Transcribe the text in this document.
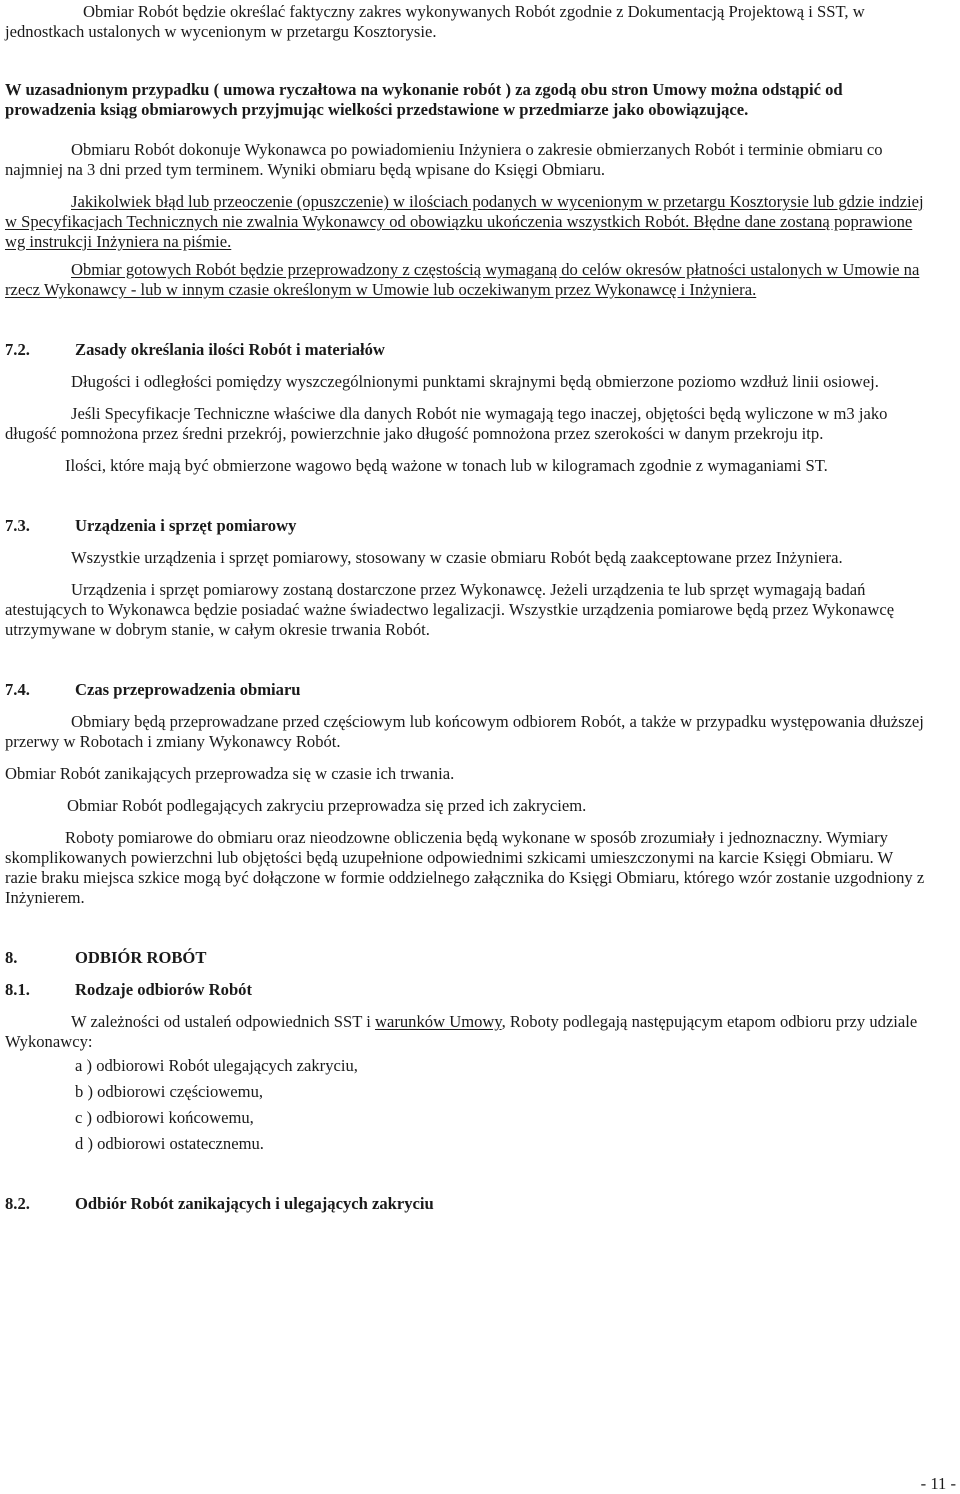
Obmiar Robót będzie określać faktyczny zakres wykonywanych Robót zgodnie z Dokumentacją Projektową i SST, w jednostkach ustalonych w wycenionym w przetargu Kosztorysie.

W uzasadnionym przypadku ( umowa ryczałtowa na wykonanie robót ) za zgodą obu stron Umowy można odstąpić od prowadzenia ksiąg obmiarowych przyjmując wielkości przedstawione w przedmiarze jako obowiązujące.

Obmiaru Robót dokonuje Wykonawca po powiadomieniu Inżyniera o zakresie obmierzanych Robót i terminie obmiaru co najmniej na 3 dni przed tym terminem. Wyniki obmiaru będą wpisane do Księgi Obmiaru.

Jakikolwiek błąd lub przeoczenie (opuszczenie) w ilościach podanych w wycenionym w przetargu Kosztorysie lub gdzie indziej w Specyfikacjach Technicznych nie zwalnia Wykonawcy od obowiązku ukończenia wszystkich Robót. Błędne dane zostaną poprawione wg instrukcji Inżyniera na piśmie.

Obmiar gotowych Robót będzie przeprowadzony z częstością wymaganą do celów okresów płatności ustalonych w Umowie na rzecz Wykonawcy - lub w innym czasie określonym w Umowie lub oczekiwanym przez Wykonawcę i Inżyniera.

7.2.	Zasady określania ilości Robót i materiałów

Długości i odległości pomiędzy wyszczególnionymi punktami skrajnymi będą obmierzone poziomo wzdłuż linii osiowej.

Jeśli Specyfikacje Techniczne właściwe dla danych Robót nie wymagają tego inaczej, objętości będą wyliczone w m3 jako długość pomnożona przez średni przekrój, powierzchnie jako długość pomnożona przez szerokości w danym przekroju itp.

Ilości, które mają być obmierzone wagowo będą ważone w tonach lub w kilogramach zgodnie z wymaganiami ST.

7.3.	Urządzenia i sprzęt pomiarowy

Wszystkie urządzenia i sprzęt pomiarowy, stosowany w czasie obmiaru Robót będą zaakceptowane przez Inżyniera.

Urządzenia i sprzęt pomiarowy zostaną dostarczone przez Wykonawcę. Jeżeli urządzenia te lub sprzęt wymagają badań atestujących to Wykonawca będzie posiadać ważne świadectwo legalizacji. Wszystkie urządzenia pomiarowe będą przez Wykonawcę utrzymywane w dobrym stanie, w całym okresie trwania Robót.

7.4.	Czas przeprowadzenia obmiaru

Obmiary będą przeprowadzane przed częściowym lub końcowym odbiorem Robót, a także w przypadku występowania dłuższej przerwy w Robotach i zmiany Wykonawcy Robót.

Obmiar Robót zanikających przeprowadza się w czasie ich trwania.

Obmiar Robót podlegających zakryciu przeprowadza się przed ich zakryciem.

Roboty pomiarowe do obmiaru oraz nieodzowne obliczenia będą wykonane w sposób zrozumiały i jednoznaczny. Wymiary skomplikowanych powierzchni lub objętości będą uzupełnione odpowiednimi szkicami umieszczonymi na karcie Księgi Obmiaru. W razie braku miejsca szkice mogą być dołączone w formie oddzielnego załącznika do Księgi Obmiaru, którego wzór zostanie uzgodniony z Inżynierem.

8.	ODBIÓR ROBÓT
8.1.	Rodzaje odbiorów Robót

W zależności od ustaleń odpowiednich SST i warunków Umowy, Roboty podlegają następującym etapom odbioru przy udziale Wykonawcy:

a ) odbiorowi Robót ulegających zakryciu,

b ) odbiorowi częściowemu,

c ) odbiorowi końcowemu,

d ) odbiorowi ostatecznemu.

8.2.	Odbiór Robót zanikających i ulegających zakryciu
- 11 -
